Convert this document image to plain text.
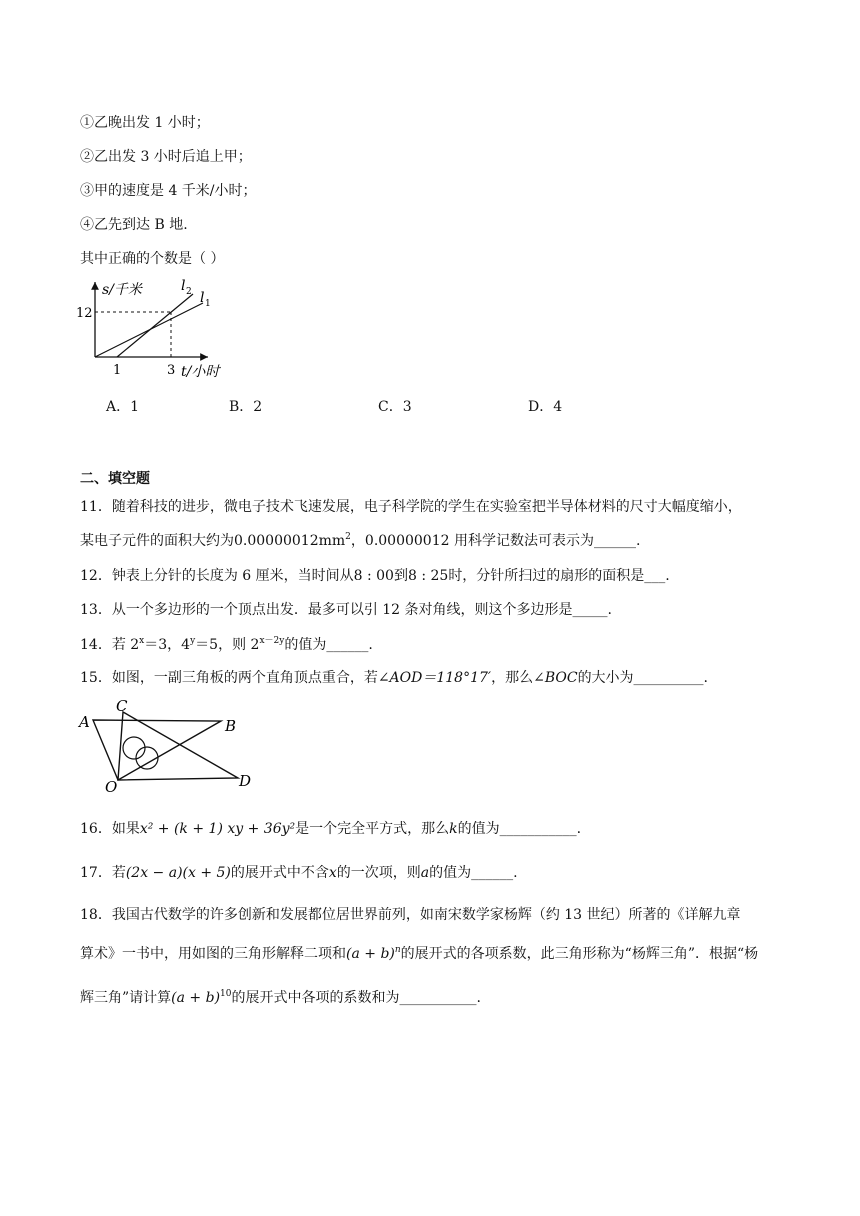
①乙晚出发 1 小时；
②乙出发 3 小时后追上甲；
③甲的速度是 4 千米/小时；
④乙先到达 B 地.
其中正确的个数是（ ）
s/千米
12
1	3 t/小时
l 2 l 1
A．1	B．2	C．3	D．4
二、填空题
11．随着科技的进步，微电子技术飞速发展，电子科学院的学生在实验室把半导体材料的尺寸大幅度缩小，
某电子元件的面积大约为$0.00000012mm^2$，0.00000012 用科学记数法可表示为______.
12．钟表上分针的长度为 6 厘米，当时间从8 : 00到8 : 25时，分针所扫过的扇形的面积是___.
13．从一个多边形的一个顶点出发．最多可以引 12 条对角线，则这个多边形是_____.
14．若 $2^x=3$，$4^y=5$，则 $2^{x-2y}$的值为______.
15．如图，一副三角板的两个直角顶点重合，若∠AOD＝118°17′，那么∠BOC的大小为__________.
A
C
B
O	D
16．如果x² + (k + 1) xy + 36y²是一个完全平方式，那么k的值为___________.
17．若(2x − a)(x + 5)的展开式中不含x的一次项，则a的值为______.
18．我国古代数学的许多创新和发展都位居世界前列，如南宋数学家杨辉（约 13 世纪）所著的《详解九章
算术》一书中，用如图的三角形解释二项和$(a + b)^n$的展开式的各项系数，此三角形称为“杨辉三角”．根据“杨
辉三角”请计算$(a + b)^{10}$的展开式中各项的系数和为___________.
